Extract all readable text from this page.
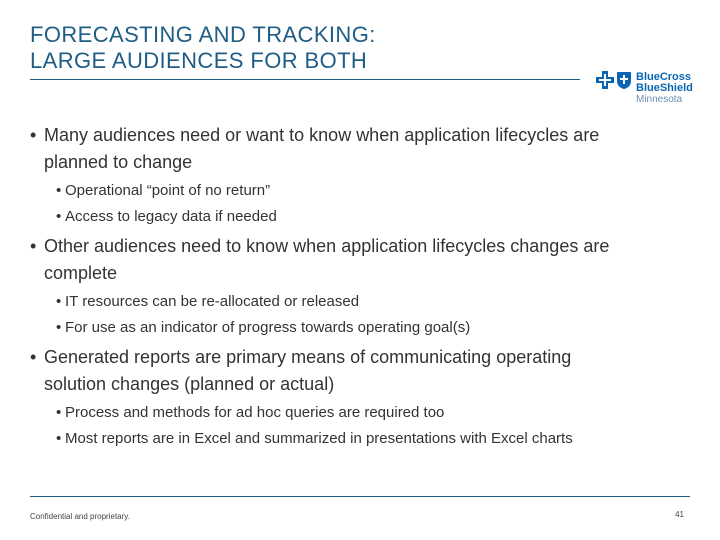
FORECASTING AND TRACKING:
LARGE AUDIENCES FOR BOTH
BlueCross
BlueShield
Minnesota
• Many audiences need or want to know when application lifecycles are
planned to change
• Operational “point of no return”
• Access to legacy data if needed
• Other audiences need to know when application lifecycles changes are
complete
• IT resources can be re-allocated or released
• For use as an indicator of progress towards operating goal(s)
• Generated reports are primary means of communicating operating
solution changes (planned or actual)
• Process and methods for ad hoc queries are required too
• Most reports are in Excel and summarized in presentations with Excel charts
Confidential and proprietary.	41
